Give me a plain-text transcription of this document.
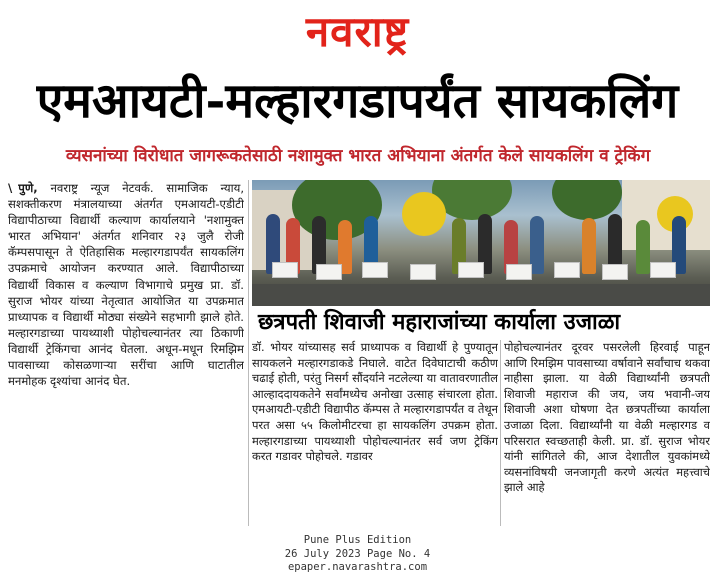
नवराष्ट्र
एमआयटी-मल्हारगडापर्यंत सायकलिंग
व्यसनांच्या विरोधात जागरूकतेसाठी नशामुक्त भारत अभियाना अंतर्गत केले सायकलिंग व ट्रेकिंग
\ पुणे, नवराष्ट्र न्यूज नेटवर्क. सामाजिक न्याय, सशक्तीकरण मंत्रालयाच्या अंतर्गत एमआयटी-एडीटी विद्यापीठाच्या विद्यार्थी कल्याण कार्यालयाने 'नशामुक्त भारत अभियान' अंतर्गत शनिवार २३ जुलै रोजी कॅम्पसपासून ते ऐतिहासिक मल्हारगडापर्यंत सायकलिंग उपक्रमाचे आयोजन करण्यात आले. विद्यापीठाच्या विद्यार्थी विकास व कल्याण विभागाचे प्रमुख प्रा. डॉ. सुराज भोयर यांच्या नेतृत्वात आयोजित या उपक्रमात प्राध्यापक व विद्यार्थी मोठ्या संख्येने सहभागी झाले होते. मल्हारगडाच्या पायथ्याशी पोहोचल्यानंतर त्या ठिकाणी विद्यार्थी ट्रेकिंगचा आनंद घेतला. अधून-मधून रिमझिम पावसाच्या कोसळणाऱ्या सरींचा आणि घाटातील मनमोहक दृश्यांचा आनंद घेत.
छत्रपती शिवाजी महाराजांच्या कार्याला उजाळा
डॉ. भोयर यांच्यासह सर्व प्राध्यापक व विद्यार्थी हे पुण्यातून सायकलने मल्हारगडाकडे निघाले. वाटेत दिवेघाटाची कठीण चढाई होती, परंतु निसर्ग सौंदर्याने नटलेल्या या वातावरणातील आल्हाददायकतेने सर्वांमध्येच अनोखा उत्साह संचारला होता. एमआयटी-एडीटी विद्यापीठ कॅम्पस ते मल्हारगडापर्यंत व तेथून परत असा ५५ किलोमीटरचा हा सायकलिंग उपक्रम होता. मल्हारगडाच्या पायथ्याशी पोहोचल्यानंतर सर्व जण ट्रेकिंग करत गडावर पोहोचले. गडावर
पोहोचल्यानंतर दूरवर पसरलेली हिरवाई पाहून आणि रिमझिम पावसाच्या वर्षावाने सर्वांचाच थकवा नाहीसा झाला. या वेळी विद्यार्थ्यांनी छत्रपती शिवाजी महाराज की जय, जय भवानी-जय शिवाजी अशा घोषणा देत छत्रपतींच्या कार्याला उजाळा दिला. विद्यार्थ्यांनी या वेळी मल्हारगड व परिसरात स्वच्छताही केली. प्रा. डॉ. सुराज भोयर यांनी सांगितले की, आज देशातील युवकांमध्ये व्यसनांविषयी जनजागृती करणे अत्यंत महत्त्वाचे झाले आहे
Pune Plus Edition
26 July 2023 Page No. 4
epaper.navarashtra.com
